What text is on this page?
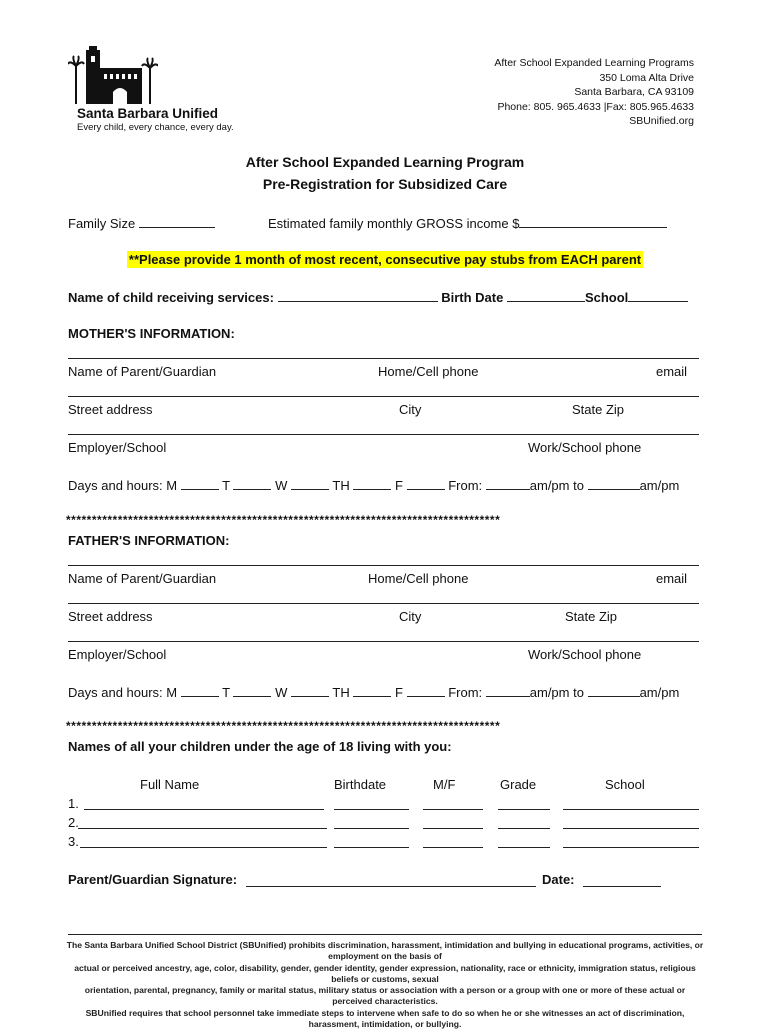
Santa Barbara Unified
Every child, every chance, every day.
After School Expanded Learning Programs
350 Loma Alta Drive
Santa Barbara, CA 93109
Phone: 805. 965.4633 |Fax: 805.965.4633
SBUnified.org
After School Expanded Learning Program
Pre-Registration for Subsidized Care
Family Size	Estimated family monthly GROSS income $
**Please provide 1 month of most recent, consecutive pay stubs from EACH parent
Name of child receiving services:	Birth Date	School
MOTHER'S INFORMATION:
Name of Parent/Guardian	Home/Cell phone	email
Street address	City	State Zip
Employer/School	Work/School phone
Days and hours: M	T	W	TH	F	From:	am/pm to	am/pm
************************************************************************************
FATHER'S INFORMATION:
Name of Parent/Guardian	Home/Cell phone	email
Street address	City	State Zip
Employer/School	Work/School phone
Days and hours: M	T	W	TH	F	From:	am/pm to	am/pm
************************************************************************************
Names of all your children under the age of 18 living with you:
Full Name	Birthdate	M/F	Grade	School
1.
2.
3.
Parent/Guardian Signature:	Date:
The Santa Barbara Unified School District (SBUnified) prohibits discrimination, harassment, intimidation and bullying in educational programs, activities, or employment on the basis of
actual or perceived ancestry, age, color, disability, gender, gender identity, gender expression, nationality, race or ethnicity, immigration status, religious beliefs or customs, sexual
orientation, parental, pregnancy, family or marital status, military status or association with a person or a group with one or more of these actual or perceived characteristics.
SBUnified requires that school personnel take immediate steps to intervene when safe to do so when he or she witnesses an act of discrimination, harassment, intimidation, or bullying.
